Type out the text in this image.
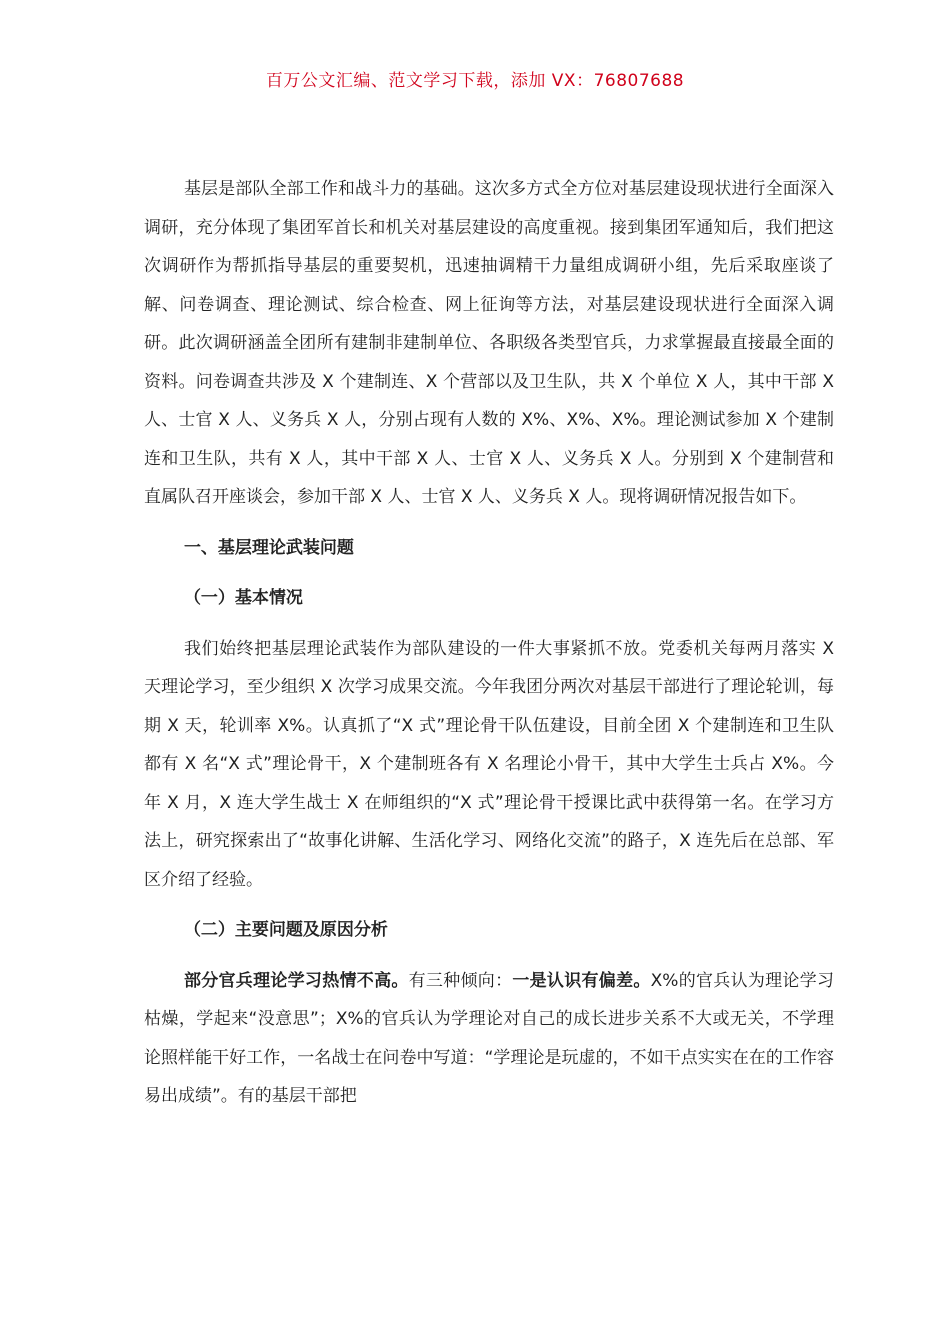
百万公文汇编、范文学习下载，添加 VX：76807688

基层是部队全部工作和战斗力的基础。这次多方式全方位对基层建设现状进行全面深入调研，充分体现了集团军首长和机关对基层建设的高度重视。接到集团军通知后，我们把这次调研作为帮抓指导基层的重要契机，迅速抽调精干力量组成调研小组，先后采取座谈了解、问卷调查、理论测试、综合检查、网上征询等方法，对基层建设现状进行全面深入调研。此次调研涵盖全团所有建制非建制单位、各职级各类型官兵，力求掌握最直接最全面的资料。问卷调查共涉及 X 个建制连、X 个营部以及卫生队，共 X 个单位 X 人，其中干部 X 人、士官 X 人、义务兵 X 人，分别占现有人数的 X%、X%、X%。理论测试参加 X 个建制连和卫生队，共有 X 人，其中干部 X 人、士官 X 人、义务兵 X 人。分别到 X 个建制营和直属队召开座谈会，参加干部 X 人、士官 X 人、义务兵 X 人。现将调研情况报告如下。

一、基层理论武装问题

（一）基本情况

我们始终把基层理论武装作为部队建设的一件大事紧抓不放。党委机关每两月落实 X 天理论学习，至少组织 X 次学习成果交流。今年我团分两次对基层干部进行了理论轮训，每期 X 天，轮训率 X%。认真抓了“X 式”理论骨干队伍建设，目前全团 X 个建制连和卫生队都有 X 名“X 式”理论骨干，X 个建制班各有 X 名理论小骨干，其中大学生士兵占 X%。今年 X 月，X 连大学生战士 X 在师组织的“X 式”理论骨干授课比武中获得第一名。在学习方法上，研究探索出了“故事化讲解、生活化学习、网络化交流”的路子，X 连先后在总部、军区介绍了经验。

（二）主要问题及原因分析

部分官兵理论学习热情不高。有三种倾向：一是认识有偏差。X%的官兵认为理论学习枯燥，学起来“没意思”；X%的官兵认为学理论对自己的成长进步关系不大或无关，不学理论照样能干好工作，一名战士在问卷中写道：“学理论是玩虚的，不如干点实实在在的工作容易出成绩”。有的基层干部把
